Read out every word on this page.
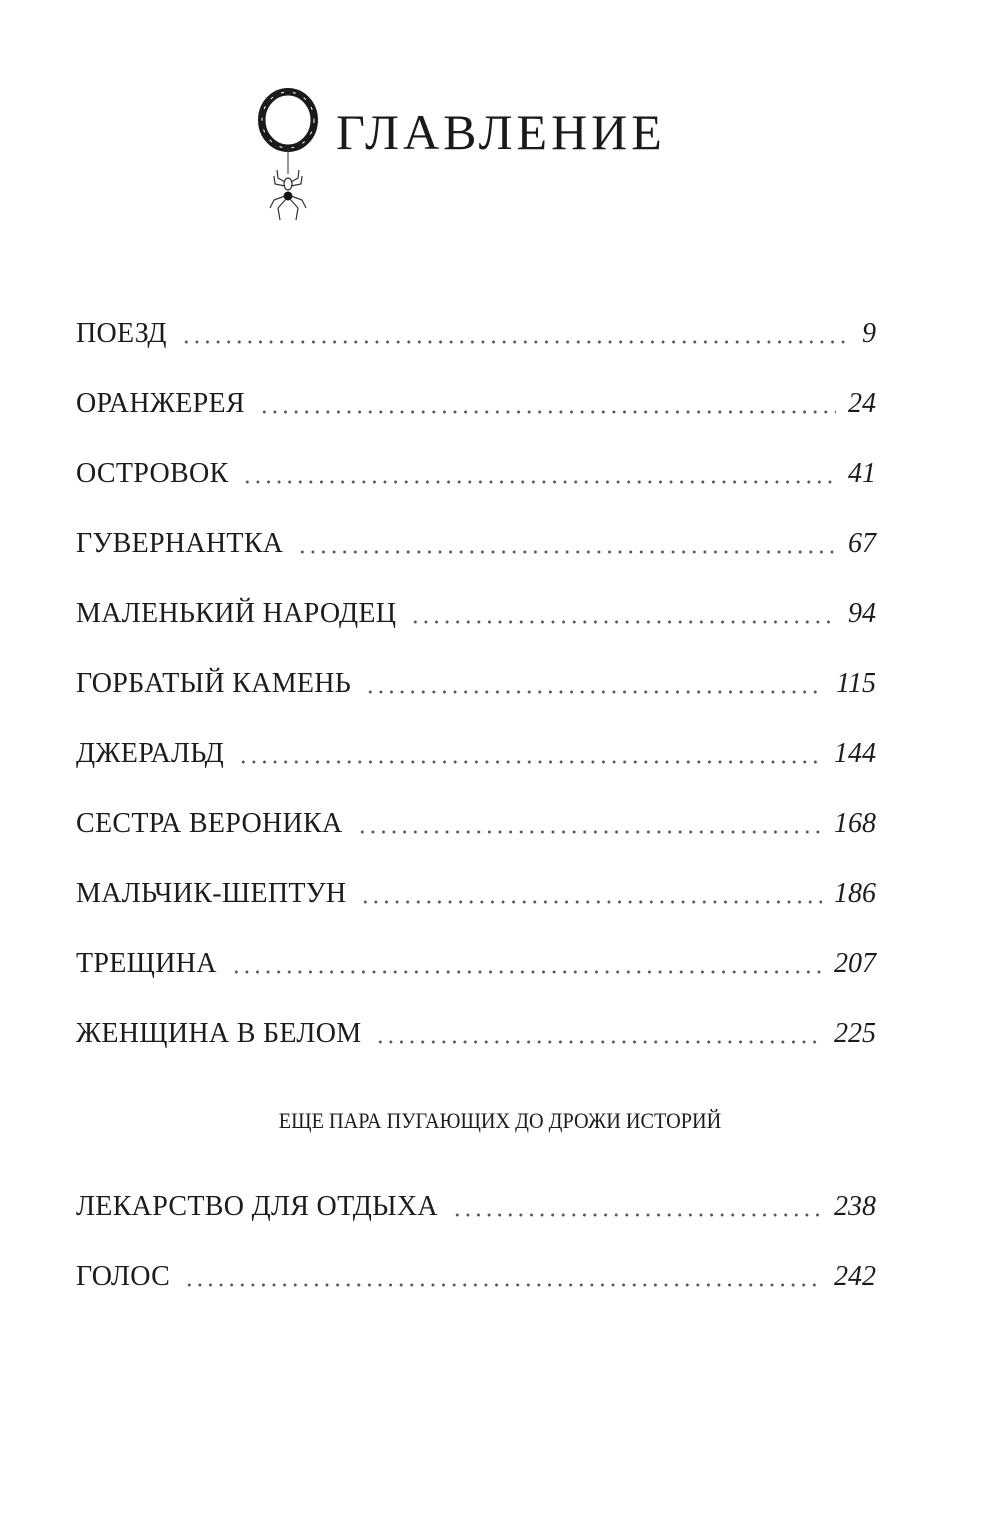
ГЛАВЛЕНИЕ
ПОЕЗД	9
ОРАНЖЕРЕЯ	24
ОСТРОВОК	41
ГУВЕРНАНТКА	67
МАЛЕНЬКИЙ НАРОДЕЦ	94
ГОРБАТЫЙ КАМЕНЬ	115
ДЖЕРАЛЬД	144
СЕСТРА ВЕРОНИКА	168
МАЛЬЧИК-ШЕПТУН	186
ТРЕЩИНА	207
ЖЕНЩИНА В БЕЛОМ	225
ЕЩЕ ПАРА ПУГАЮЩИХ ДО ДРОЖИ ИСТОРИЙ
ЛЕКАРСТВО ДЛЯ ОТДЫХА	238
ГОЛОС	242
